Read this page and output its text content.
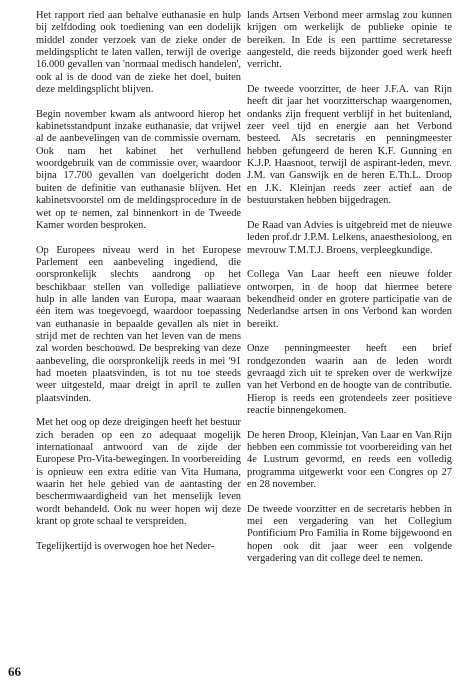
Het rapport ried aan behalve euthanasie en hulp bij zelfdoding ook toediening van een dodelijk middel zonder verzoek van de zieke onder de meldingsplicht te laten vallen, terwijl de overige 16.000 gevallen van 'normaal medisch handelen', ook al is de dood van de zieke het doel, buiten deze meldingsplicht blijven.

Begin november kwam als antwoord hierop het kabinetsstandpunt inzake euthanasie, dat vrijwel al de aanbevelingen van de commissie overnam. Ook nam het kabinet het verhullend woordgebruik van de commissie over, waardoor bijna 17.700 gevallen van doelgericht doden buiten de definitie van euthanasie blijven. Het kabinetsvoorstel om de meldingsprocedure in de wet op te nemen, zal binnenkort in de Tweede Kamer worden besproken.

Op Europees niveau werd in het Europese Parlement een aanbeveling ingediend, die oorspronkelijk slechts aandrong op het beschikbaar stellen van volledige palliatieve hulp in alle landen van Europa, maar waaraan één item was toegevoegd, waardoor toepassing van euthanasie in bepaalde gevallen als niet in strijd met de rechten van het leven van de mens zal worden beschouwd. De bespreking van deze aanbeveling, die oorspronkelijk reeds in mei '91 had moeten plaatsvinden, is tot nu toe steeds weer uitgesteld, maar dreigt in april te zullen plaatsvinden.

Met het oog op deze dreigingen heeft het bestuur zich beraden op een zo adequaat mogelijk internationaal antwoord van de zijde der Europese Pro-Vita-bewegingen. In voorbereiding is opnieuw een extra editie van Vita Humana, waarin het hele gebied van de aantasting der beschermwaardigheid van het menselijk leven wordt behandeld. Ook nu weer hopen wij deze krant op grote schaal te verspreiden.

Tegelijkertijd is overwogen hoe het Neder-

lands Artsen Verbond meer armslag zou kunnen krijgen om werkelijk de publieke opinie te bereiken. In Ede is een parttime secretaresse aangesteld, die reeds bijzonder goed werk heeft verricht.

De tweede voorzitter, de heer J.F.A. van Rijn heeft dit jaar het voorzitterschap waargenomen, ondanks zijn frequent verblijf in het buitenland, zeer veel tijd en energie aan het Verbond besteed. Als secretaris en penningmeester hebben gefungeerd de heren K.F. Gunning en K.J.P. Haasnoot, terwijl de aspirant-leden, mevr. J.M. van Ganswijk en de heren E.Th.L. Droop en J.K. Kleinjan reeds zeer actief aan de bestuurstaken hebben bijgedragen.

De Raad van Advies is uitgebreid met de nieuwe leden prof.dr J.P.M. Lelkens, anaesthesioloog, en mevrouw T.M.T.J. Broens, verpleegkundige.

Collega Van Laar heeft een nieuwe folder ontworpen, in de hoop dat hiermee betere bekendheid onder en grotere participatie van de Nederlandse artsen in ons Verbond kan worden bereikt.

Onze penningmeester heeft een brief rondgezonden waarin aan de leden wordt gevraagd zich uit te spreken over de werkwijze van het Verbond en de hoogte van de contributie. Hierop is reeds een grotendeels zeer positieve reactie binnengekomen.

De heren Droop, Kleinjan, Van Laar en Van Rijn hebben een commissie tot voorbereiding van het 4e Lustrum gevormd, en reeds een volledig programma uitgewerkt voor een Congres op 27 en 28 november.

De tweede voorzitter en de secretaris hebben in mei een vergadering van het Collegium Pontificium Pro Familia in Rome bijgewoond en hopen ook dit jaar weer een volgende vergadering van dit college deel te nemen.

66
